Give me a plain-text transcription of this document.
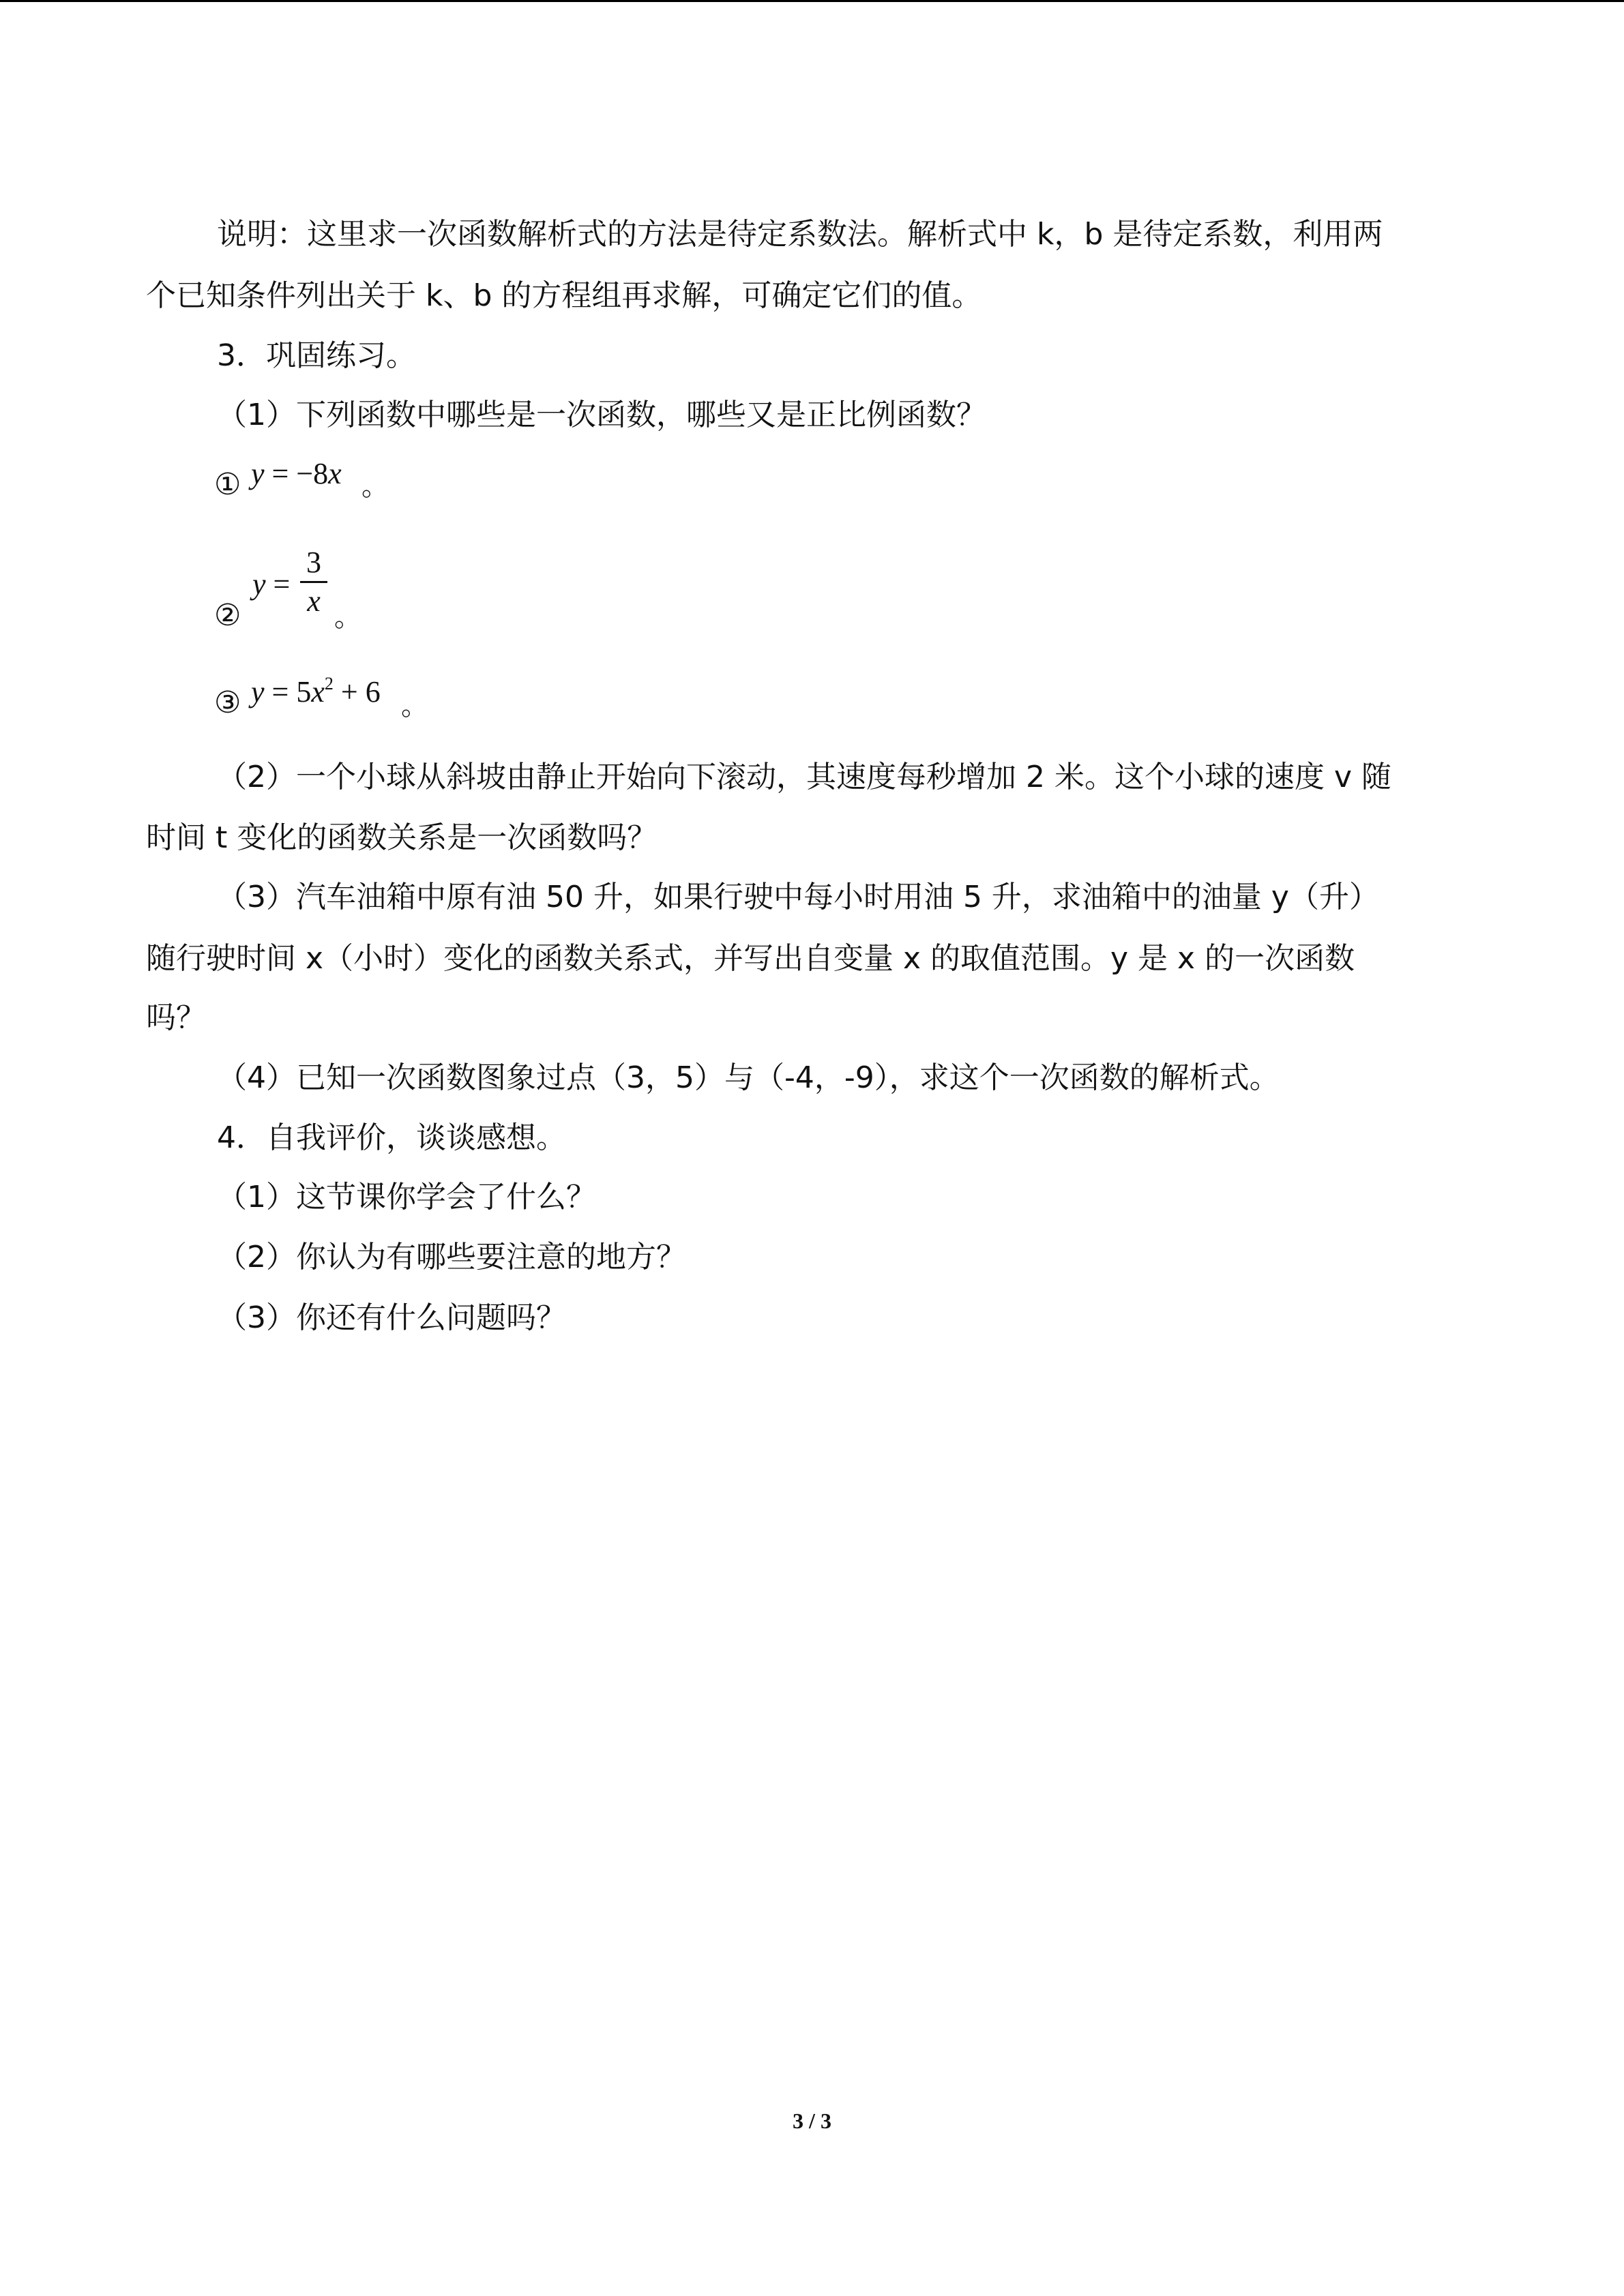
说明：这里求一次函数解析式的方法是待定系数法。解析式中 k，b 是待定系数，利用两
个已知条件列出关于 k、b 的方程组再求解，可确定它们的值。
3．巩固练习。
（1）下列函数中哪些是一次函数，哪些又是正比例函数？
① y = −8x 。
②
y =
3
x 。
③ $y = 5x^2 + 6$ 。
（2）一个小球从斜坡由静止开始向下滚动，其速度每秒增加 2 米。这个小球的速度 v 随
时间 t 变化的函数关系是一次函数吗？
（3）汽车油箱中原有油 50 升，如果行驶中每小时用油 5 升，求油箱中的油量 y（升）
随行驶时间 x（小时）变化的函数关系式，并写出自变量 x 的取值范围。y 是 x 的一次函数
吗？
（4）已知一次函数图象过点（3，5）与（-4，-9），求这个一次函数的解析式。
4．自我评价，谈谈感想。
（1）这节课你学会了什么？
（2）你认为有哪些要注意的地方？
（3）你还有什么问题吗？
3 / 3
